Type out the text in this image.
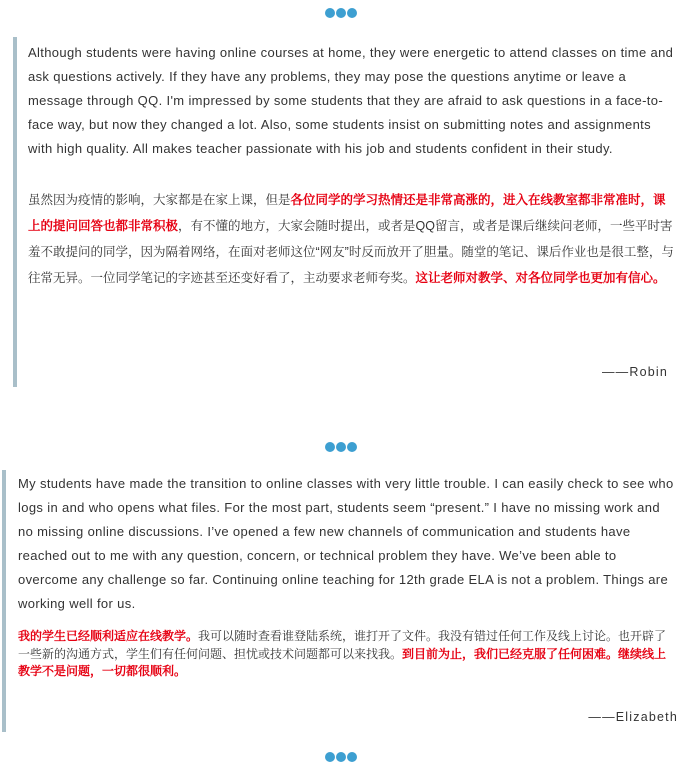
Although students were having online courses at home, they were energetic to attend classes on time and ask questions actively. If they have any problems, they may pose the questions anytime or leave a message through QQ. I'm impressed by some students that they are afraid to ask questions in a face-to-face way, but now they changed a lot. Also, some students insist on submitting notes and assignments with high quality. All makes teacher passionate with his job and students confident in their study.

虽然因为疫情的影响，大家都是在家上课，但是各位同学的学习热情还是非常高涨的，进入在线教室都非常准时，课上的提问回答也都非常积极，有不懂的地方，大家会随时提出，或者是QQ留言，或者是课后继续问老师，一些平时害羞不敢提问的同学，因为隔着网络，在面对老师这位“网友”时反而放开了胆量。随堂的笔记、课后作业也是很工整，与往常无异。一位同学笔记的字迹甚至还变好看了，主动要求老师夸奖。这让老师对教学、对各位同学也更加有信心。

——Robin

My students have made the transition to online classes with very little trouble. I can easily check to see who logs in and who opens what files. For the most part, students seem “present.” I have no missing work and no missing online discussions. I’ve opened a few new channels of communication and students have reached out to me with any question, concern, or technical problem they have. We’ve been able to overcome any challenge so far. Continuing online teaching for 12th grade ELA is not a problem. Things are working well for us.

我的学生已经顺利适应在线教学。我可以随时查看谁登陆系统，谁打开了文件。我没有错过任何工作及线上讨论。也开辟了一些新的沟通方式，学生们有任何问题、担忧或技术问题都可以来找我。到目前为止，我们已经克服了任何困难。继续线上教学不是问题，一切都很顺利。

——Elizabeth
